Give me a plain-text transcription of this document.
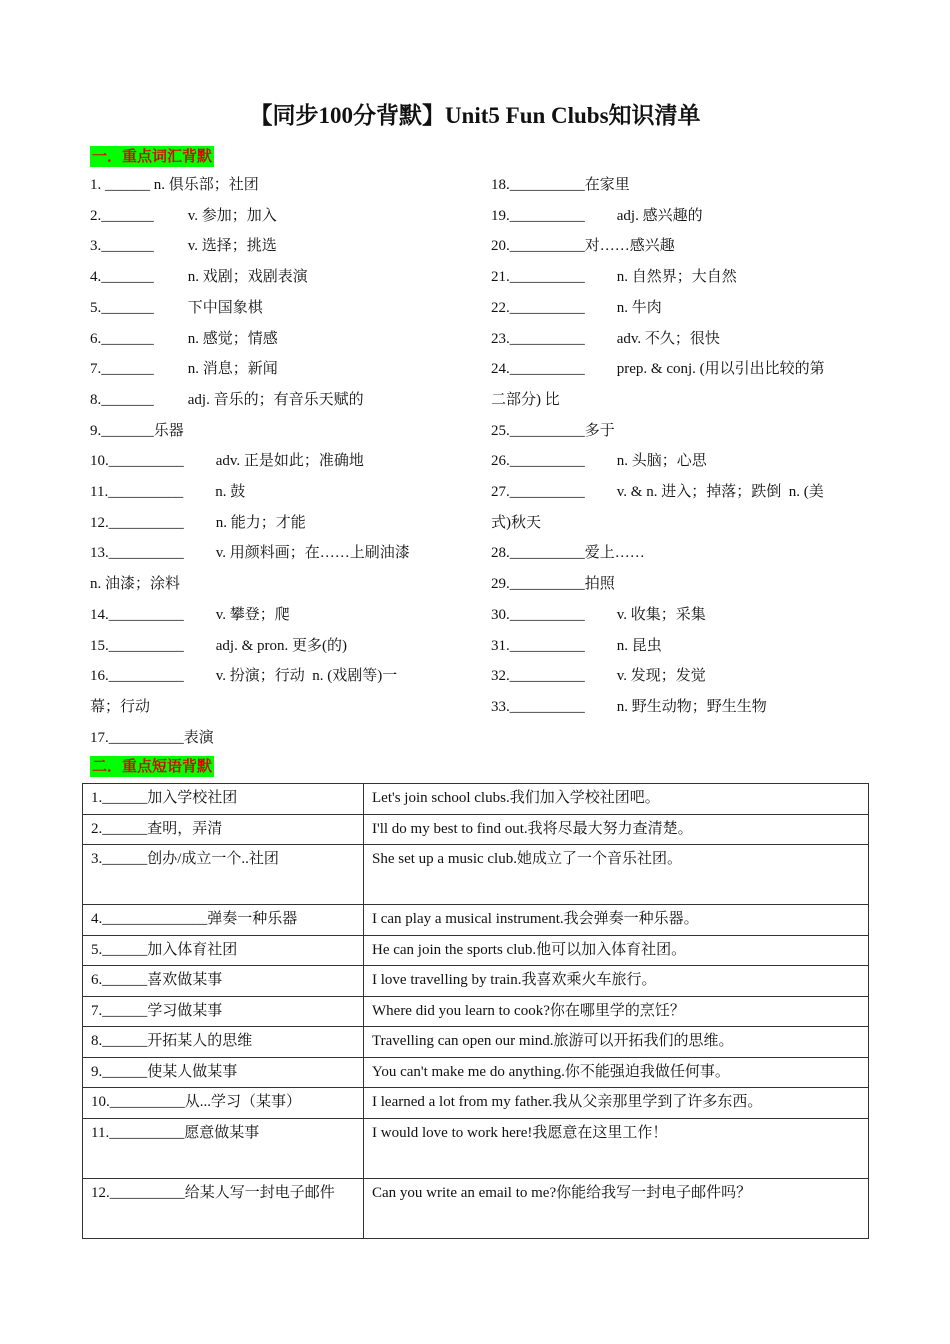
【同步100分背默】Unit5 Fun Clubs知识清单
一．重点词汇背默
1. ______ n. 俱乐部；社团
2._______ v. 参加；加入
3._______ v. 选择；挑选
4._______ n. 戏剧；戏剧表演
5._______ 下中国象棋
6._______ n. 感觉；情感
7._______ n. 消息；新闻
8._______ adj. 音乐的；有音乐天赋的
9._______乐器
10.__________ adv. 正是如此；准确地
11.__________ n. 鼓
12.__________ n. 能力；才能
13.__________ v. 用颜料画；在……上刷油漆
n. 油漆；涂料
14.__________ v. 攀登；爬
15.__________ adj. & pron. 更多(的)
16.__________ v. 扮演；行动  n. (戏剧等)一
幕；行动
17.__________表演
18.__________在家里
19.__________ adj. 感兴趣的
20.__________对……感兴趣
21.__________ n. 自然界；大自然
22.__________ n. 牛肉
23.__________ adv. 不久；很快
24.__________ prep. & conj. (用以引出比较的第
二部分) 比
25.__________多于
26.__________ n. 头脑；心思
27.__________ v. & n. 进入；掉落；跌倒  n. (美
式)秋天
28.__________爱上……
29.__________拍照
30.__________ v. 收集；采集
31.__________ n. 昆虫
32.__________ v. 发现；发觉
33.__________ n. 野生动物；野生生物
二．重点短语背默
1.______加入学校社团	Let's join school clubs.我们加入学校社团吧。
2.______查明，弄清	I'll do my best to find out.我将尽最大努力查清楚。
3.______创办/成立一个..社团	She set up a music club.她成立了一个音乐社团。
4.______________弹奏一种乐器	I can play a musical instrument.我会弹奏一种乐器。
5.______加入体育社团	He can join the sports club.他可以加入体育社团。
6.______喜欢做某事	I love travelling by train.我喜欢乘火车旅行。
7.______学习做某事	Where did you learn to cook?你在哪里学的烹饪？
8.______开拓某人的思维	Travelling can open our mind.旅游可以开拓我们的思维。
9.______使某人做某事	You can't make me do anything.你不能强迫我做任何事。
10.__________从...学习（某事）	I learned a lot from my father.我从父亲那里学到了许多东西。
11.__________愿意做某事	I would love to work here!我愿意在这里工作！
12.__________给某人写一封电子邮件	Can you write an email to me?你能给我写一封电子邮件吗？
